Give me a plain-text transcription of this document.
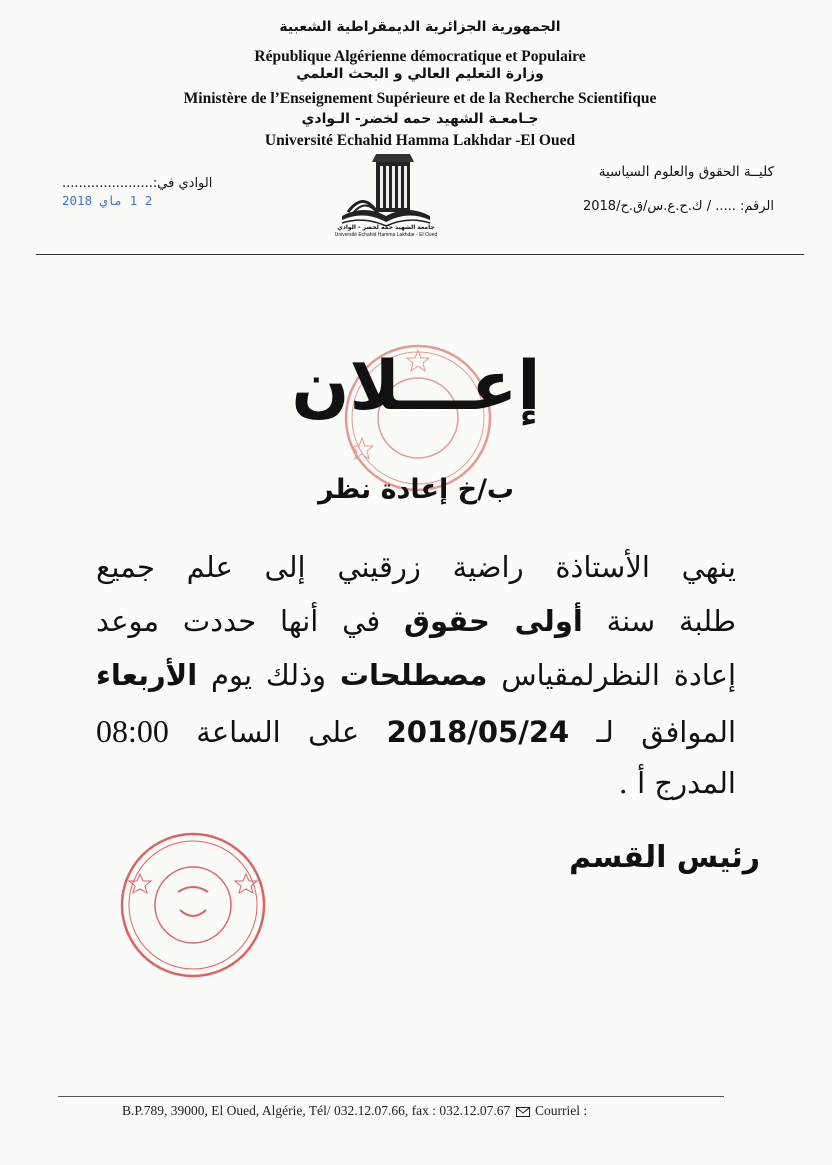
الجمهورية الجزائرية الديمقراطية الشعبية
République Algérienne démocratique et Populaire
وزارة التعليم العالي و البحث العلمي
Ministère de l’Enseignement Supérieure et de la Recherche Scientifique
جـامعـة الشهيد حمه لخضر- الـوادي
Université Echahid Hamma Lakhdar -El Oued
كليــة الحقوق والعلوم السياسية
الرقم: ..... / ك.ح.ع.س/ق.ح/2018
الوادي في:......................
2 1 ماي 2018
جامعة الشهيد حمه لخضر - الوادي
Université Echahid Hamma Lakhdar - El Oued
إعـــلان
ب/خ إعادة نظر
ينهي الأستاذة راضية زرقيني إلى علم جميع
طلبة سنة أولى حقوق في أنها حددت موعد
إعادة النظرلمقياس مصطلحات وذلك يوم الأربعاء
الموافق لـ 2018/05/24 على الساعة 08:00
المدرج أ .
رئيس القسم
B.P.789, 39000, El Oued, Algérie, Tél/ 032.12.07.66, fax : 032.12.07.67 Courriel :
